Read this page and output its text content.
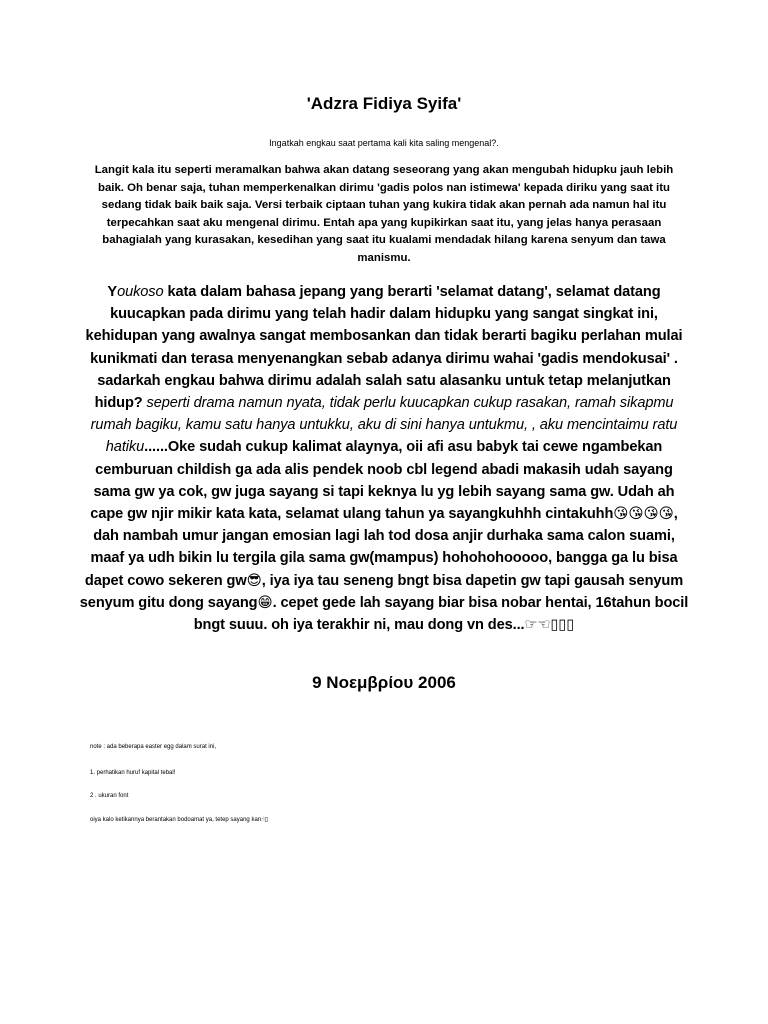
'Adzra Fidiya Syifa'
Ingatkah engkau saat pertama kali kita saling mengenal?.
Langit kala itu seperti meramalkan bahwa akan datang seseorang yang akan mengubah hidupku jauh lebih baik. Oh benar saja, tuhan memperkenalkan dirimu 'gadis polos nan istimewa' kepada diriku yang saat itu sedang tidak baik baik saja. Versi terbaik ciptaan tuhan yang kukira tidak akan pernah ada namun hal itu terpecahkan saat aku mengenal dirimu. Entah apa yang kupikirkan saat itu, yang jelas hanya perasaan bahagialah yang kurasakan, kesedihan yang saat itu kualami mendadak hilang karena senyum dan tawa manismu.
Youkoso kata dalam bahasa jepang yang berarti 'selamat datang', selamat datang kuucapkan pada dirimu yang telah hadir dalam hidupku yang sangat singkat ini, kehidupan yang awalnya sangat membosankan dan tidak berarti bagiku perlahan mulai kunikmati dan terasa menyenangkan sebab adanya dirimu wahai 'gadis mendokusai' . sadarkah engkau bahwa dirimu adalah salah satu alasanku untuk tetap melanjutkan hidup? seperti drama namun nyata, tidak perlu kuucapkan cukup rasakan, ramah sikapmu rumah bagiku, kamu satu hanya untukku, aku di sini hanya untukmu, , aku mencintaimu ratu hatiku......Oke sudah cukup kalimat alaynya, oii afi asu babyk tai cewe ngambekan cemburuan childish ga ada alis pendek noob cbl legend abadi makasih udah sayang sama gw ya cok, gw juga sayang si tapi keknya lu yg lebih sayang sama gw. Udah ah cape gw njir mikir kata kata, selamat ulang tahun ya sayangkuhhh cintakuhh😘😘😘😘, dah nambah umur jangan emosian lagi lah tod dosa anjir durhaka sama calon suami, maaf ya udh bikin lu tergila gila sama gw(mampus) hohohohooooo, bangga ga lu bisa dapet cowo sekeren gw😎, iya iya tau seneng bngt bisa dapetin gw tapi gausah senyum senyum gitu dong sayang😁. cepet gede lah sayang biar bisa nobar hentai, 16tahun bocil bngt suuu. oh iya terakhir ni, mau dong vn des...☞☜▯▯▯
9 Νοεμβρίου 2006
note : ada beberapa easter egg dalam surat ini,
1. perhatikan huruf kapital tebal!
2 . ukuran font
oiya kalo ketikannya berantakan bodoamat ya, tetep sayang kan☝▯
